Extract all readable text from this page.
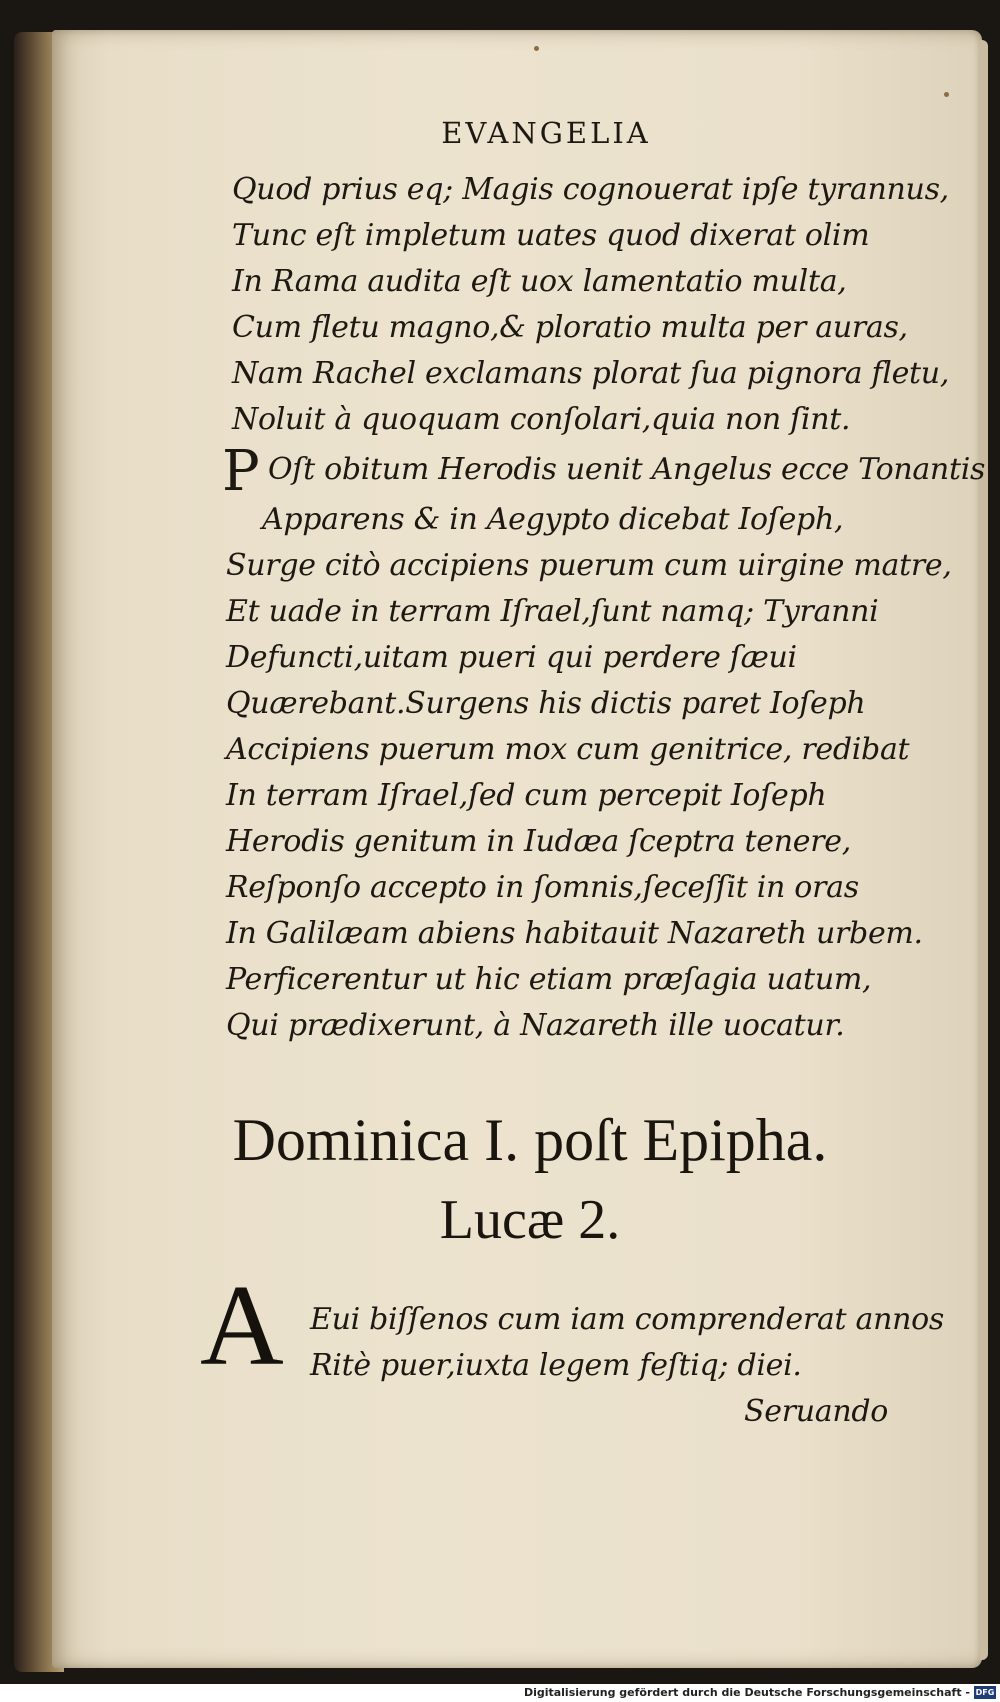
EVANGELIA

Quod prius eq; Magis cognouerat ipſe tyrannus,

Tunc eſt impletum uates quod dixerat olim

In Rama audita eſt uox lamentatio multa,

Cum fletu magno,& ploratio multa per auras,

Nam Rachel exclamans plorat ſua pignora fletu,

Noluit à quoquam conſolari,quia non ſint.

P Oſt obitum Herodis uenit Angelus ecce Tonantis

Apparens & in Aegypto dicebat Ioſeph,

Surge citò accipiens puerum cum uirgine matre,

Et uade in terram Iſrael,ſunt namq; Tyranni

Defuncti,uitam pueri qui perdere ſæui

Quærebant.Surgens his dictis paret Ioſeph

Accipiens puerum mox cum genitrice, redibat

In terram Iſrael,ſed cum percepit Ioſeph

Herodis genitum in Iudæa ſceptra tenere,

Reſponſo accepto in ſomnis,ſeceſſit in oras

In Galilæam abiens habitauit Nazareth urbem.

Perficerentur ut hic etiam præſagia uatum,

Qui prædixerunt, à Nazareth ille uocatur.

Dominica I. poſt Epipha.
Lucæ 2.
A Eui biſſenos cum iam comprenderat annos

Ritè puer,iuxta legem feſtiq; diei.

Seruando

Digitalisierung gefördert durch die Deutsche Forschungsgemeinschaft - DFG
